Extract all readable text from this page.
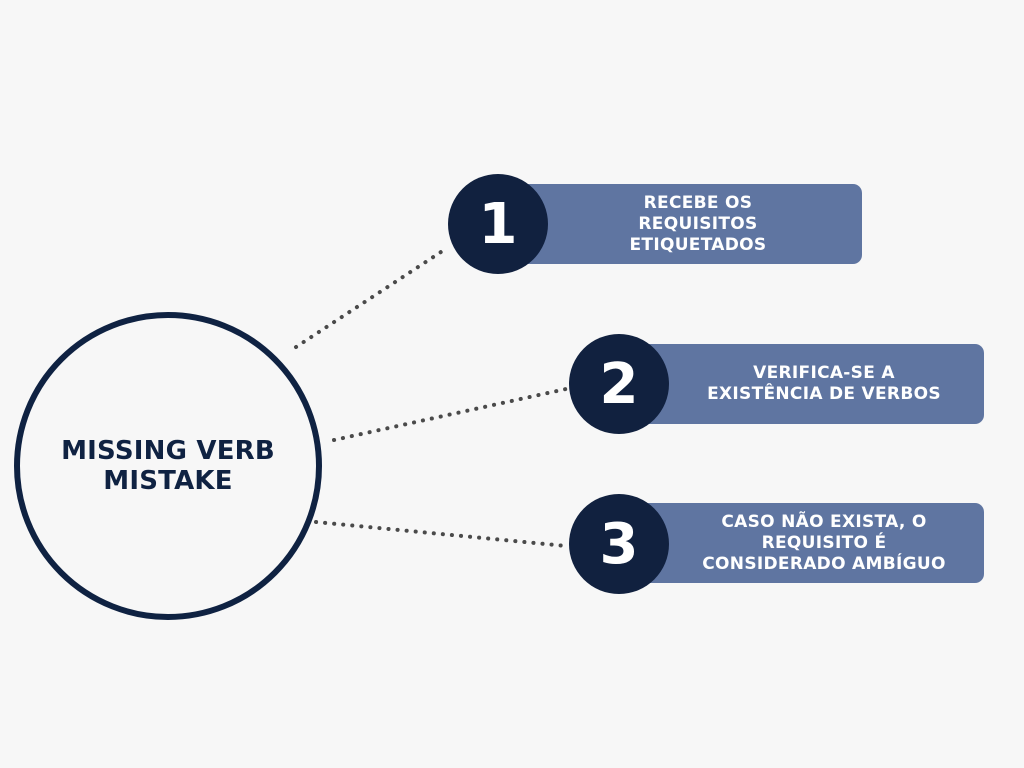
MISSING VERB
MISTAKE
RECEBE OS
REQUISITOS
ETIQUETADOS
1
VERIFICA-SE A
EXISTÊNCIA DE VERBOS
2
CASO NÃO EXISTA, O
REQUISITO É
CONSIDERADO AMBÍGUO
3
